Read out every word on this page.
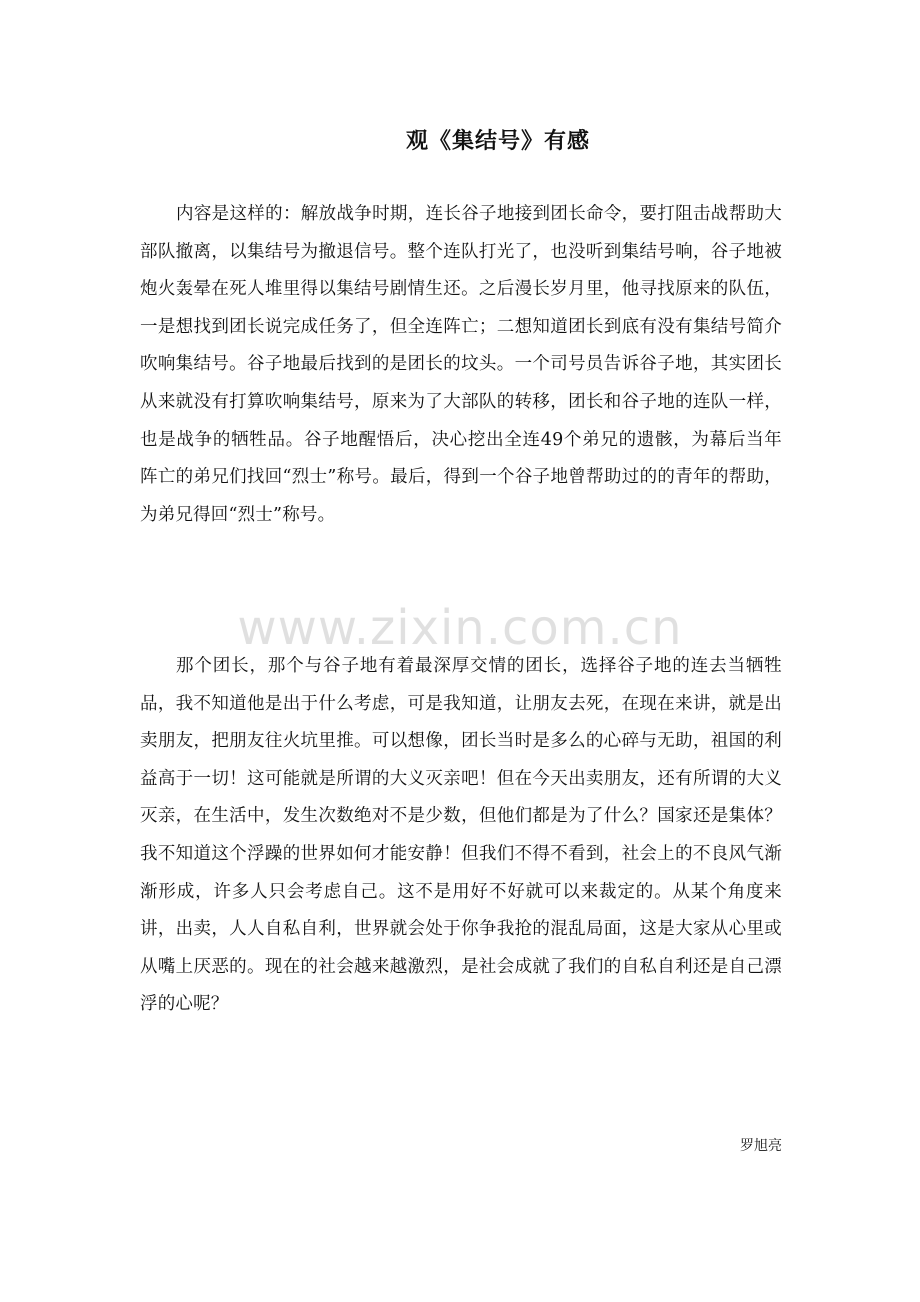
观《集结号》有感

内容是这样的：解放战争时期，连长谷子地接到团长命令，要打阻击战帮助大部队撤离，以集结号为撤退信号。整个连队打光了，也没听到集结号响，谷子地被炮火轰晕在死人堆里得以集结号剧情生还。之后漫长岁月里，他寻找原来的队伍，一是想找到团长说完成任务了，但全连阵亡；二想知道团长到底有没有集结号简介吹响集结号。谷子地最后找到的是团长的坟头。一个司号员告诉谷子地，其实团长从来就没有打算吹响集结号，原来为了大部队的转移，团长和谷子地的连队一样，也是战争的牺牲品。谷子地醒悟后，决心挖出全连49个弟兄的遗骸，为幕后当年阵亡的弟兄们找回“烈士”称号。最后，得到一个谷子地曾帮助过的的青年的帮助，为弟兄得回“烈士”称号。

www.zixin.com.cn

那个团长，那个与谷子地有着最深厚交情的团长，选择谷子地的连去当牺牲品，我不知道他是出于什么考虑，可是我知道，让朋友去死，在现在来讲，就是出卖朋友，把朋友往火坑里推。可以想像，团长当时是多么的心碎与无助，祖国的利益高于一切！这可能就是所谓的大义灭亲吧！但在今天出卖朋友，还有所谓的大义灭亲，在生活中，发生次数绝对不是少数，但他们都是为了什么？国家还是集体？我不知道这个浮躁的世界如何才能安静！但我们不得不看到，社会上的不良风气渐渐形成，许多人只会考虑自己。这不是用好不好就可以来裁定的。从某个角度来讲，出卖，人人自私自利，世界就会处于你争我抢的混乱局面，这是大家从心里或从嘴上厌恶的。现在的社会越来越激烈，是社会成就了我们的自私自利还是自己漂浮的心呢？

罗旭亮
